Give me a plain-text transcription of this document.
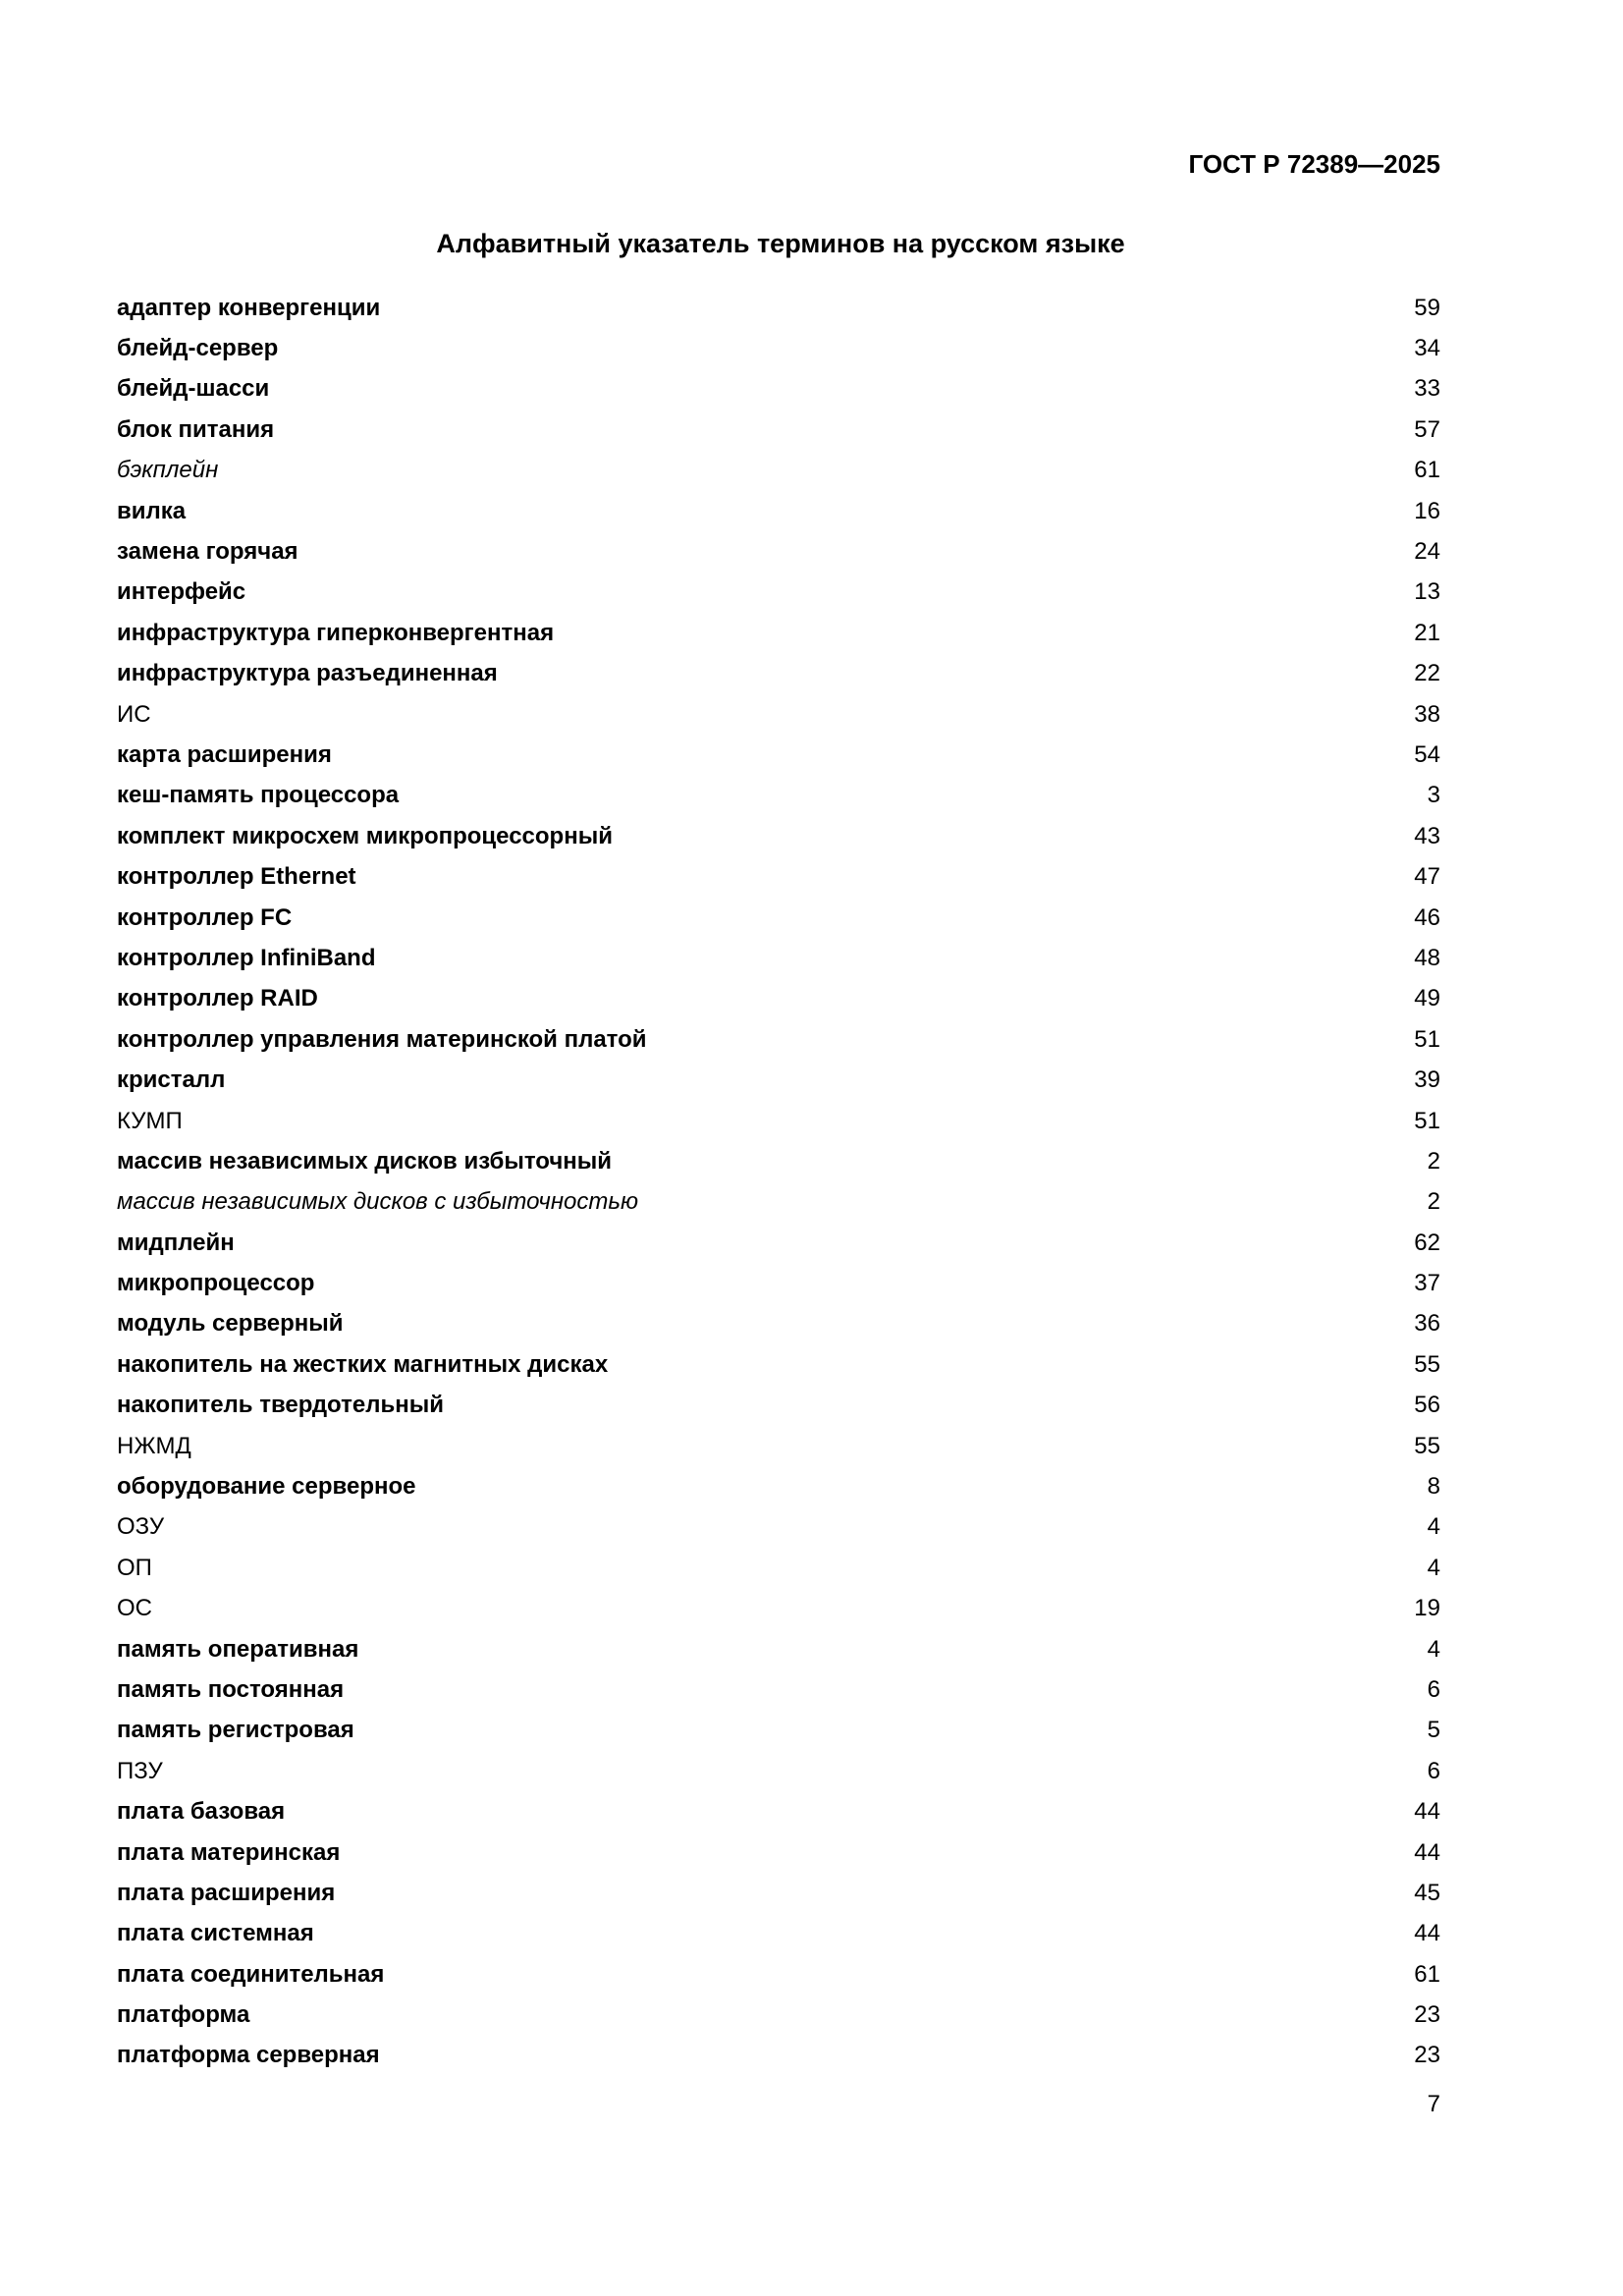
ГОСТ Р 72389—2025
Алфавитный указатель терминов на русском языке
адаптер конвергенции	59
блейд-сервер	34
блейд-шасси	33
блок питания	57
бэкплейн	61
вилка	16
замена горячая	24
интерфейс	13
инфраструктура гиперконвергентная	21
инфраструктура разъединенная	22
ИС	38
карта расширения	54
кеш-память процессора	3
комплект микросхем микропроцессорный	43
контроллер Ethernet	47
контроллер FC	46
контроллер InfiniBand	48
контроллер RAID	49
контроллер управления материнской платой	51
кристалл	39
КУМП	51
массив независимых дисков избыточный	2
массив независимых дисков с избыточностью	2
мидплейн	62
микропроцессор	37
модуль серверный	36
накопитель на жестких магнитных дисках	55
накопитель твердотельный	56
НЖМД	55
оборудование серверное	8
ОЗУ	4
ОП	4
ОС	19
память оперативная	4
память постоянная	6
память регистровая	5
ПЗУ	6
плата базовая	44
плата материнская	44
плата расширения	45
плата системная	44
плата соединительная	61
платформа	23
платформа серверная	23
7
